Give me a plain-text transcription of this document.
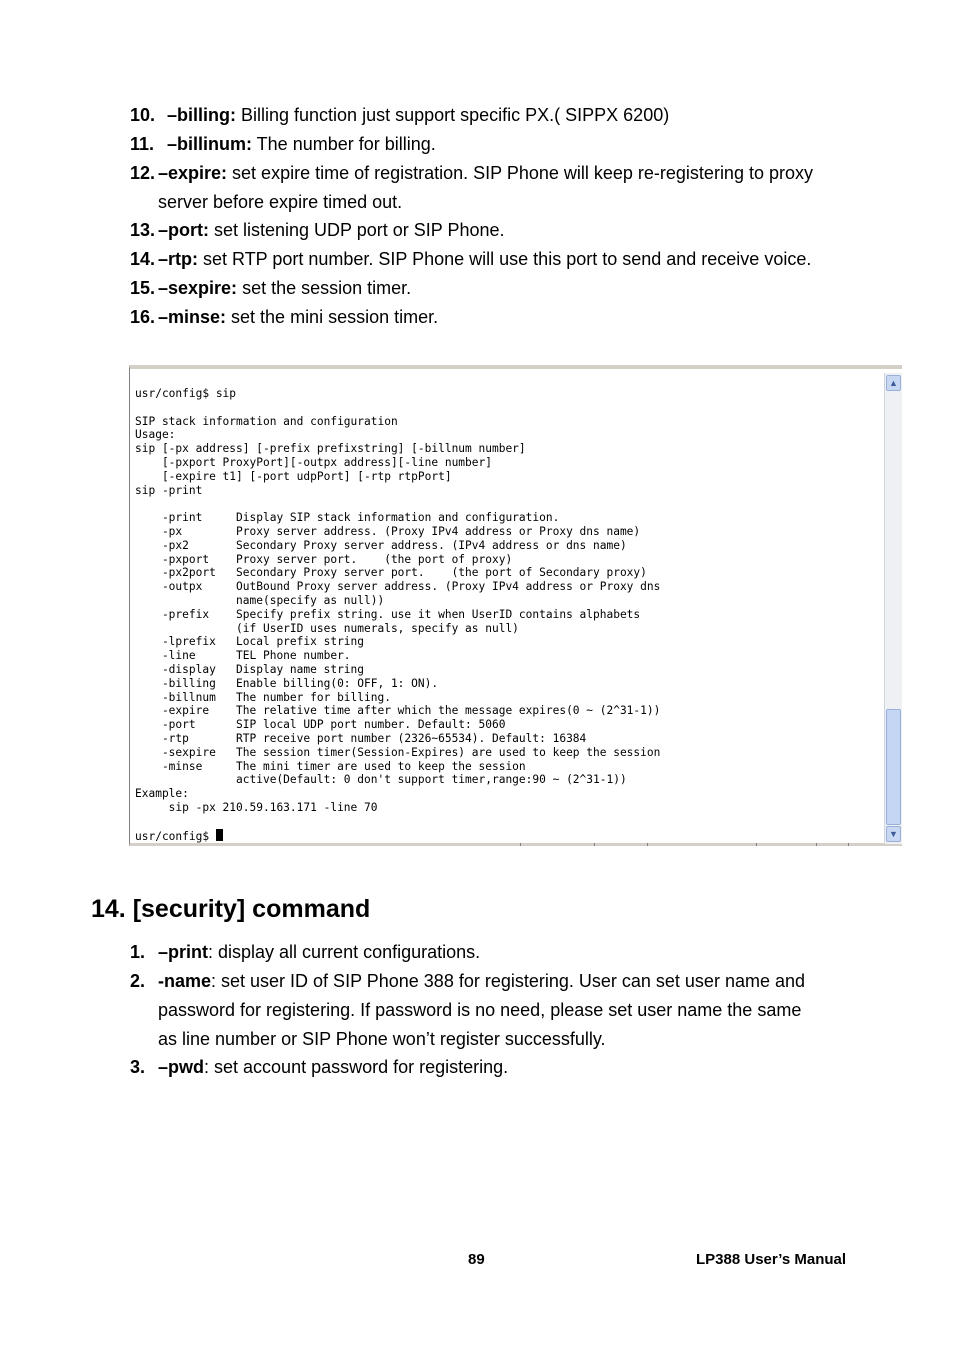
10. –billing: Billing function just support specific PX.( SIPPX 6200)
11. –billinum: The number for billing.
12. –expire: set expire time of registration. SIP Phone will keep re-registering to proxy
server before expire timed out.
13. –port: set listening UDP port or SIP Phone.
14. –rtp: set RTP port number. SIP Phone will use this port to send and receive voice.
15. –sexpire: set the session timer.
16. –minse: set the mini session timer.
usr/config$ sip

SIP stack information and configuration
Usage:
sip [-px address] [-prefix prefixstring] [-billnum number]
[-pxport ProxyPort][-outpx address][-line number]
[-expire t1] [-port udpPort] [-rtp rtpPort]
sip -print

-print     Display SIP stack information and configuration.
-px        Proxy server address. (Proxy IPv4 address or Proxy dns name)
-px2       Secondary Proxy server address. (IPv4 address or dns name)
-pxport    Proxy server port.    (the port of proxy)
-px2port   Secondary Proxy server port.    (the port of Secondary proxy)
-outpx     OutBound Proxy server address. (Proxy IPv4 address or Proxy dns
name(specify as null))
-prefix    Specify prefix string. use it when UserID contains alphabets
(if UserID uses numerals, specify as null)
-lprefix   Local prefix string
-line      TEL Phone number.
-display   Display name string
-billing   Enable billing(0: OFF, 1: ON).
-billnum   The number for billing.
-expire    The relative time after which the message expires(0 ~ (2^31-1))
-port      SIP local UDP port number. Default: 5060
-rtp       RTP receive port number (2326~65534). Default: 16384
-sexpire   The session timer(Session-Expires) are used to keep the session
-minse     The mini timer are used to keep the session
active(Default: 0 don't support timer,range:90 ~ (2^31-1))
Example:
sip -px 210.59.163.171 -line 70

usr/config$
▲
▼
14. [security] command
1. –print: display all current configurations.
2. -name: set user ID of SIP Phone 388 for registering. User can set user name and
password for registering. If password is no need, please set user name the same
as line number or SIP Phone won’t register successfully.
3. –pwd: set account password for registering.
89	LP388 User’s Manual
